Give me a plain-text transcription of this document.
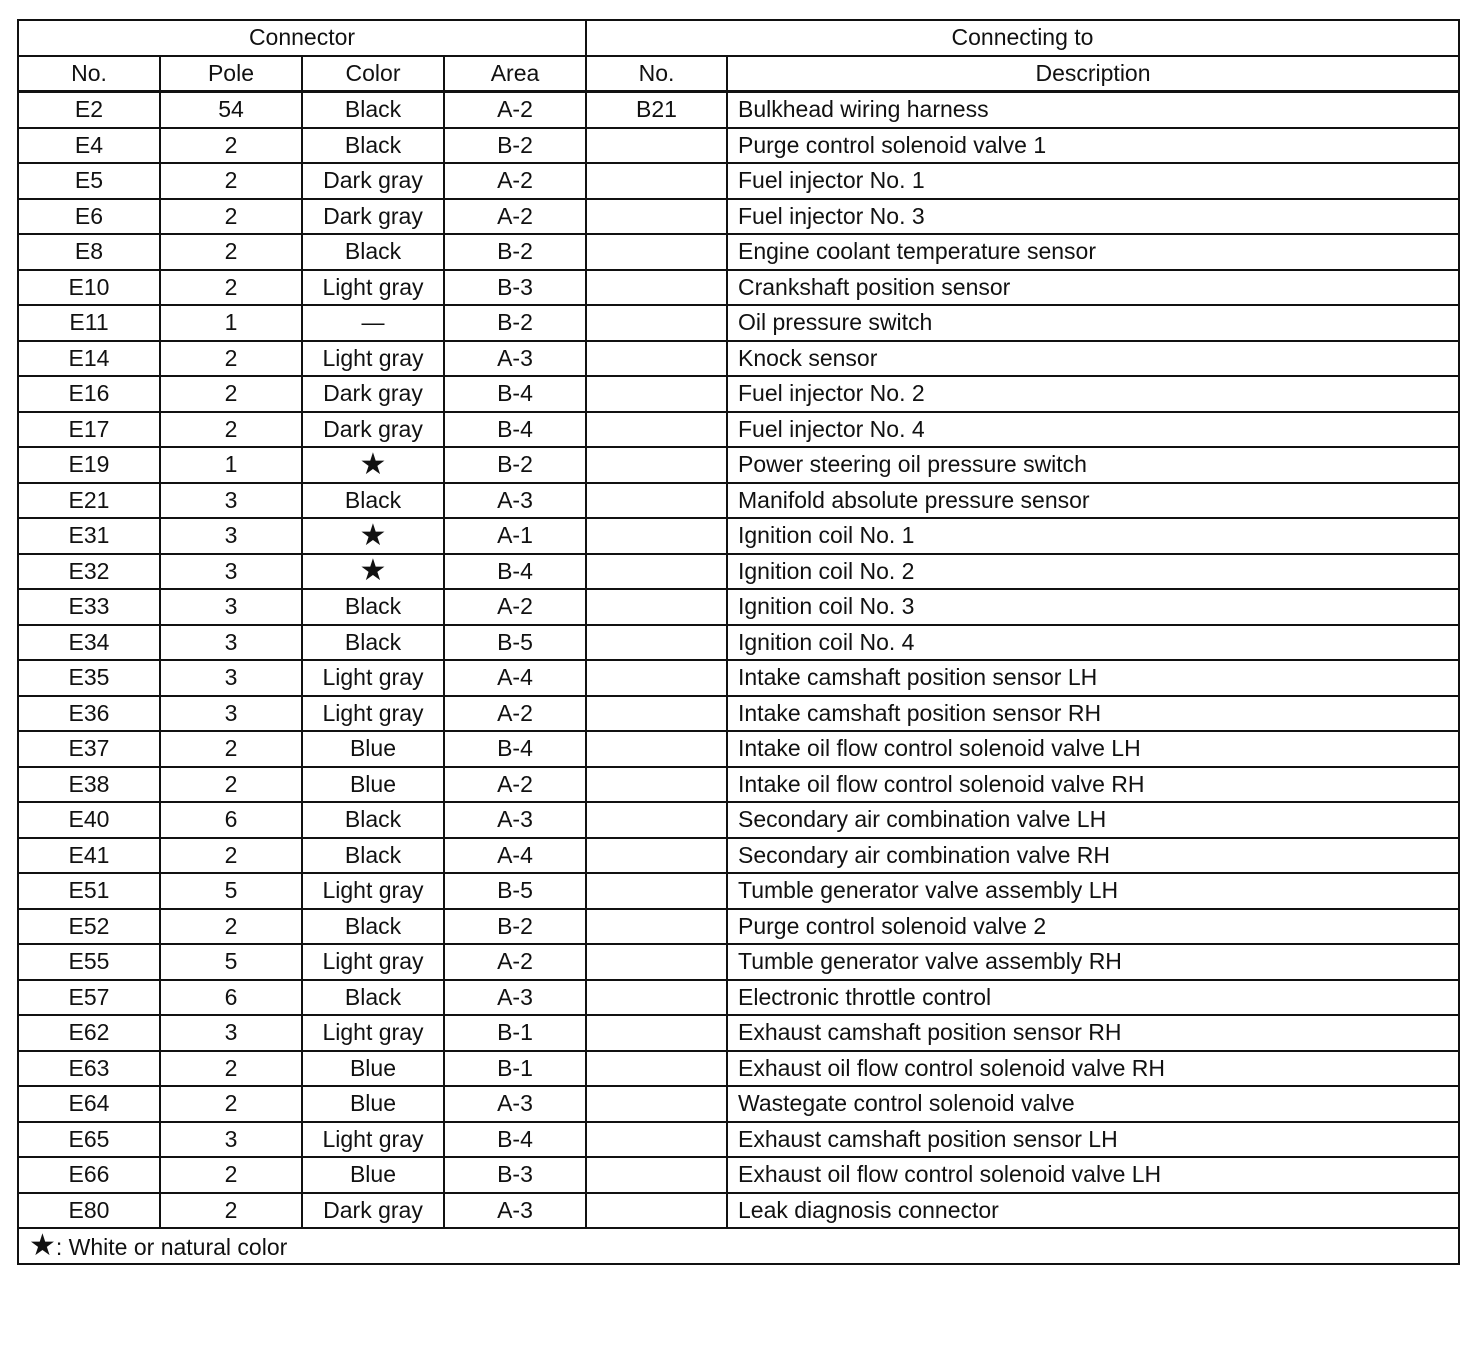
Connector				Connecting to	
No.	Pole	Color	Area	No.	Description
E2	54	Black	A-2	B21	Bulkhead wiring harness
E4	2	Black	B-2		Purge control solenoid valve 1
E5	2	Dark gray	A-2		Fuel injector No. 1
E6	2	Dark gray	A-2		Fuel injector No. 3
E8	2	Black	B-2		Engine coolant temperature sensor
E10	2	Light gray	B-3		Crankshaft position sensor
E11	1	—	B-2		Oil pressure switch
E14	2	Light gray	A-3		Knock sensor
E16	2	Dark gray	B-4		Fuel injector No. 2
E17	2	Dark gray	B-4		Fuel injector No. 4
E19	1	★	B-2		Power steering oil pressure switch
E21	3	Black	A-3		Manifold absolute pressure sensor
E31	3	★	A-1		Ignition coil No. 1
E32	3	★	B-4		Ignition coil No. 2
E33	3	Black	A-2		Ignition coil No. 3
E34	3	Black	B-5		Ignition coil No. 4
E35	3	Light gray	A-4		Intake camshaft position sensor LH
E36	3	Light gray	A-2		Intake camshaft position sensor RH
E37	2	Blue	B-4		Intake oil flow control solenoid valve LH
E38	2	Blue	A-2		Intake oil flow control solenoid valve RH
E40	6	Black	A-3		Secondary air combination valve LH
E41	2	Black	A-4		Secondary air combination valve RH
E51	5	Light gray	B-5		Tumble generator valve assembly LH
E52	2	Black	B-2		Purge control solenoid valve 2
E55	5	Light gray	A-2		Tumble generator valve assembly RH
E57	6	Black	A-3		Electronic throttle control
E62	3	Light gray	B-1		Exhaust camshaft position sensor RH
E63	2	Blue	B-1		Exhaust oil flow control solenoid valve RH
E64	2	Blue	A-3		Wastegate control solenoid valve
E65	3	Light gray	B-4		Exhaust camshaft position sensor LH
E66	2	Blue	B-3		Exhaust oil flow control solenoid valve LH
E80	2	Dark gray	A-3		Leak diagnosis connector
★: White or natural color					
